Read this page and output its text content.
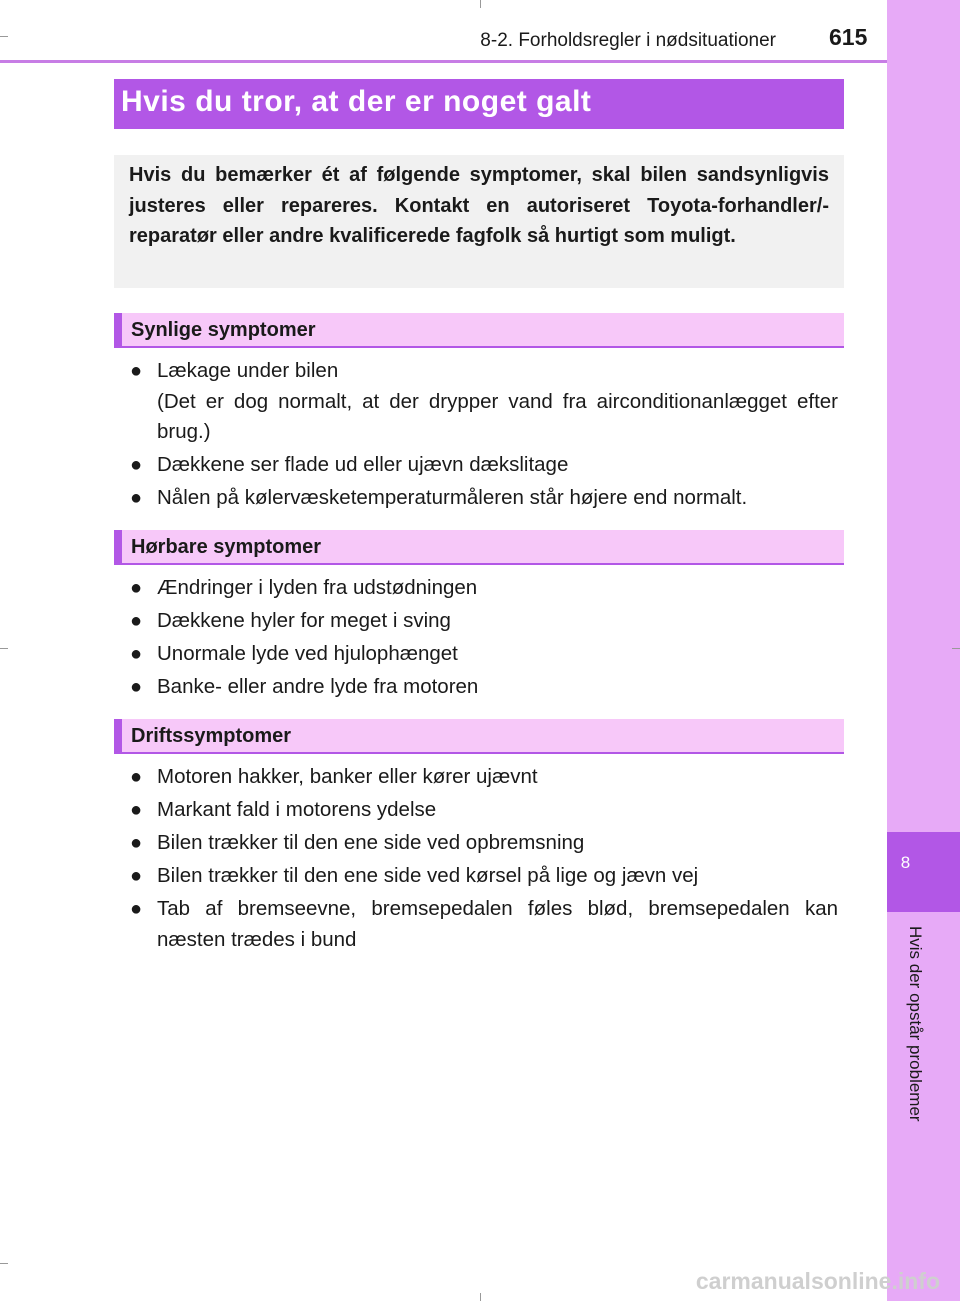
8
Hvis der opstår problemer
8-2. Forholdsregler i nødsituationer 615
Hvis du tror, at der er noget galt
Hvis du bemærker ét af følgende symptomer, skal bilen sandsynligvis justeres eller repareres. Kontakt en autoriseret Toyota-forhandler/-reparatør eller andre kvalificerede fagfolk så hurtigt som muligt.
Synlige symptomer
● Lækage under bilen
(Det er dog normalt, at der drypper vand fra airconditionanlægget efter brug.)
● Dækkene ser flade ud eller ujævn dækslitage
● Nålen på kølervæsketemperaturmåleren står højere end normalt.
Hørbare symptomer
● Ændringer i lyden fra udstødningen
● Dækkene hyler for meget i sving
● Unormale lyde ved hjulophænget
● Banke- eller andre lyde fra motoren
Driftssymptomer
● Motoren hakker, banker eller kører ujævnt
● Markant fald i motorens ydelse
● Bilen trækker til den ene side ved opbremsning
● Bilen trækker til den ene side ved kørsel på lige og jævn vej
● Tab af bremseevne, bremsepedalen føles blød, bremsepedalen kan næsten trædes i bund
carmanualsonline.info
